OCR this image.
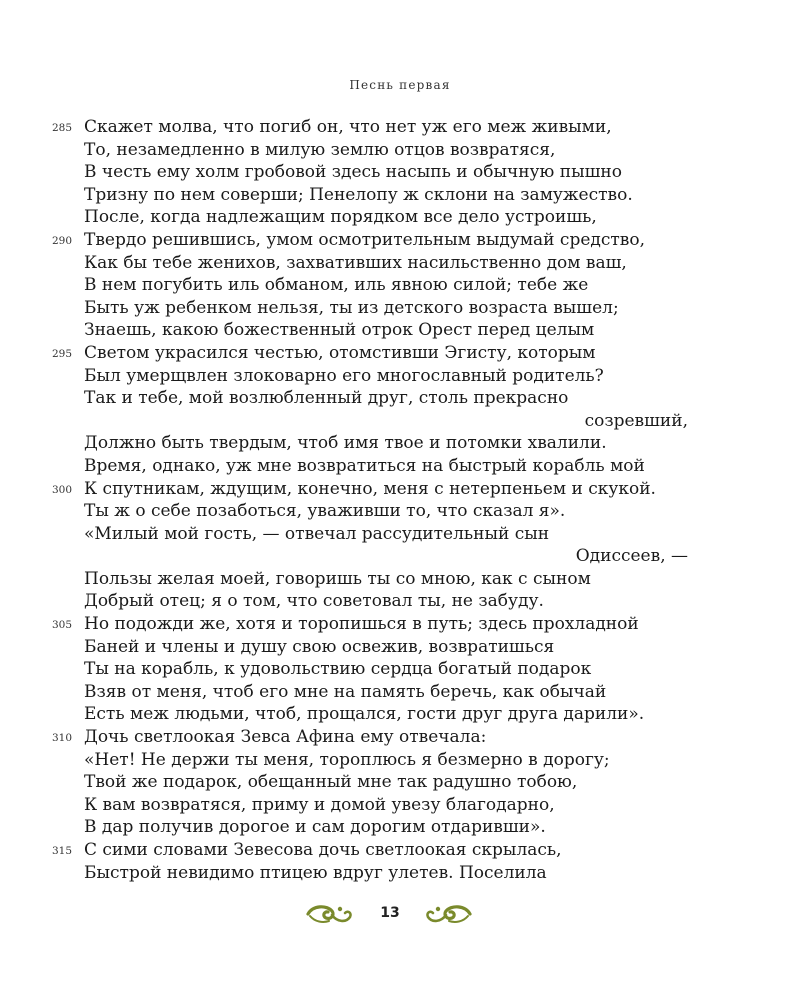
Песнь первая
285 Скажет молва, что погиб он, что нет уж его меж живыми,
То, незамедленно в милую землю отцов возвратяся,
В честь ему холм гробовой здесь насыпь и обычную пышно
Тризну по нем соверши; Пенелопу ж склони на замужество.
После, когда надлежащим порядком все дело устроишь,
290 Твердо решившись, умом осмотрительным выдумай средство,
Как бы тебе женихов, захвативших насильственно дом ваш,
В нем погубить иль обманом, иль явною силой; тебе же
Быть уж ребенком нельзя, ты из детского возраста вышел;
Знаешь, какою божественный отрок Орест перед целым
295 Светом украсился честью, отомстивши Эгисту, которым
Был умерщвлен злоковарно его многославный родитель?
Так и тебе, мой возлюбленный друг, столь прекрасно
созревший,
Должно быть твердым, чтоб имя твое и потомки хвалили.
Время, однако, уж мне возвратиться на быстрый корабль мой
300 К спутникам, ждущим, конечно, меня с нетерпеньем и скукой.
Ты ж о себе позаботься, уваживши то, что сказал я».
«Милый мой гость, — отвечал рассудительный сын
Одиссеев, —
Пользы желая моей, говоришь ты со мною, как с сыном
Добрый отец; я о том, что советовал ты, не забуду.
305 Но подожди же, хотя и торопишься в путь; здесь прохладной
Баней и члены и душу свою освежив, возвратишься
Ты на корабль, к удовольствию сердца богатый подарок
Взяв от меня, чтоб его мне на память беречь, как обычай
Есть меж людьми, чтоб, прощался, гости друг друга дарили».
310 Дочь светлоокая Зевса Афина ему отвечала:
«Нет! Не держи ты меня, тороплюсь я безмерно в дорогу;
Твой же подарок, обещанный мне так радушно тобою,
К вам возвратяся, приму и домой увезу благодарно,
В дар получив дорогое и сам дорогим отдаривши».
315 С сими словами Зевесова дочь светлоокая скрылась,
Быстрой невидимо птицею вдруг улетев. Поселила
13
